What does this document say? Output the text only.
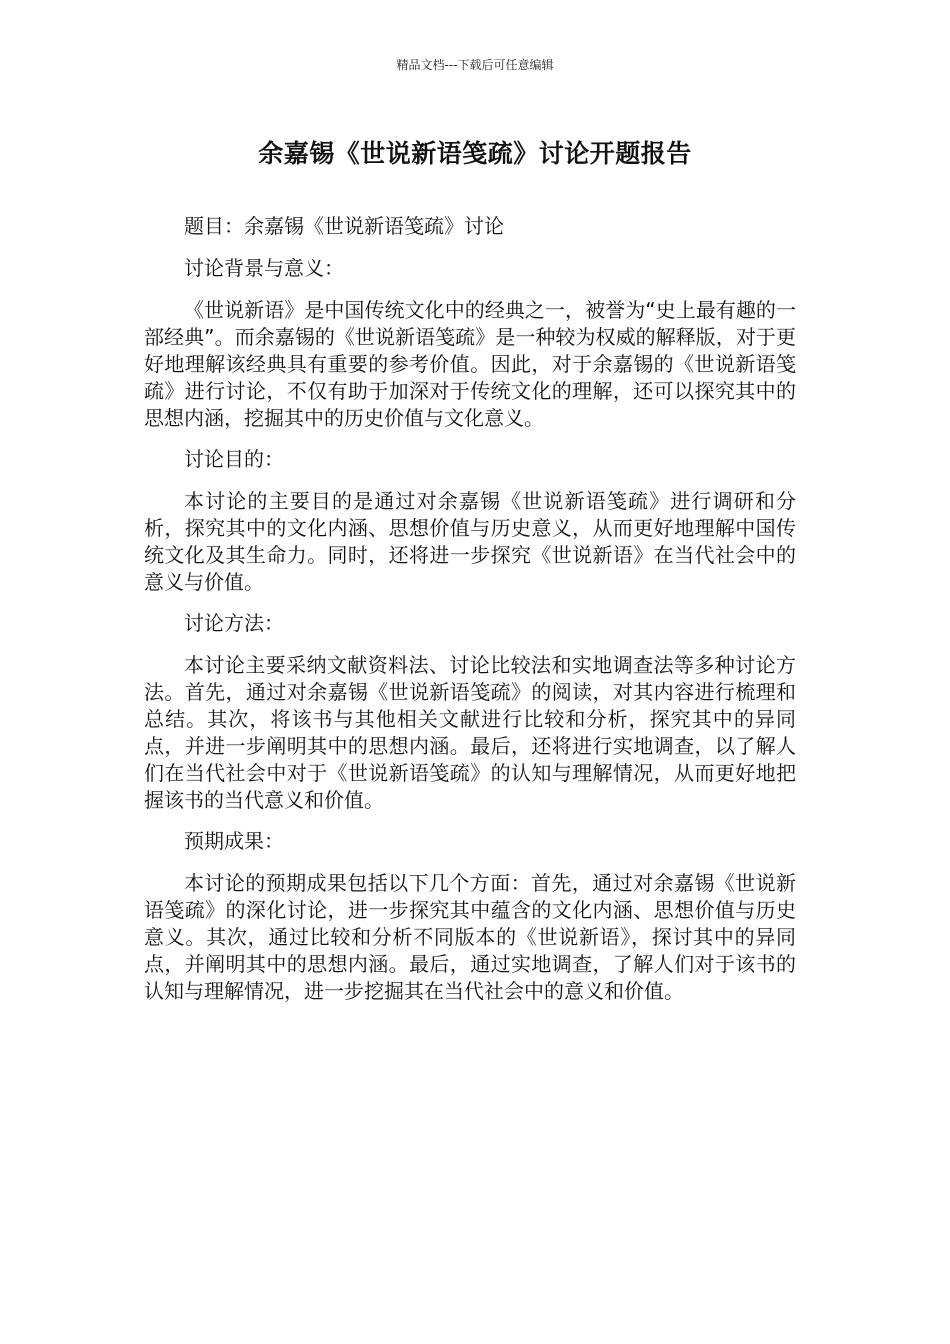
精品文档---下载后可任意编辑
余嘉锡《世说新语笺疏》讨论开题报告

题目：余嘉锡《世说新语笺疏》讨论

讨论背景与意义：

《世说新语》是中国传统文化中的经典之一，被誉为“史上最有趣的一部经典”。而余嘉锡的《世说新语笺疏》是一种较为权威的解释版，对于更好地理解该经典具有重要的参考价值。因此，对于余嘉锡的《世说新语笺疏》进行讨论，不仅有助于加深对于传统文化的理解，还可以探究其中的思想内涵，挖掘其中的历史价值与文化意义。

讨论目的：

本讨论的主要目的是通过对余嘉锡《世说新语笺疏》进行调研和分析，探究其中的文化内涵、思想价值与历史意义，从而更好地理解中国传统文化及其生命力。同时，还将进一步探究《世说新语》在当代社会中的意义与价值。

讨论方法：

本讨论主要采纳文献资料法、讨论比较法和实地调查法等多种讨论方法。首先，通过对余嘉锡《世说新语笺疏》的阅读，对其内容进行梳理和总结。其次，将该书与其他相关文献进行比较和分析，探究其中的异同点，并进一步阐明其中的思想内涵。最后，还将进行实地调查，以了解人们在当代社会中对于《世说新语笺疏》的认知与理解情况，从而更好地把握该书的当代意义和价值。

预期成果：

本讨论的预期成果包括以下几个方面：首先，通过对余嘉锡《世说新语笺疏》的深化讨论，进一步探究其中蕴含的文化内涵、思想价值与历史意义。其次，通过比较和分析不同版本的《世说新语》，探讨其中的异同点，并阐明其中的思想内涵。最后，通过实地调查，了解人们对于该书的认知与理解情况，进一步挖掘其在当代社会中的意义和价值。
